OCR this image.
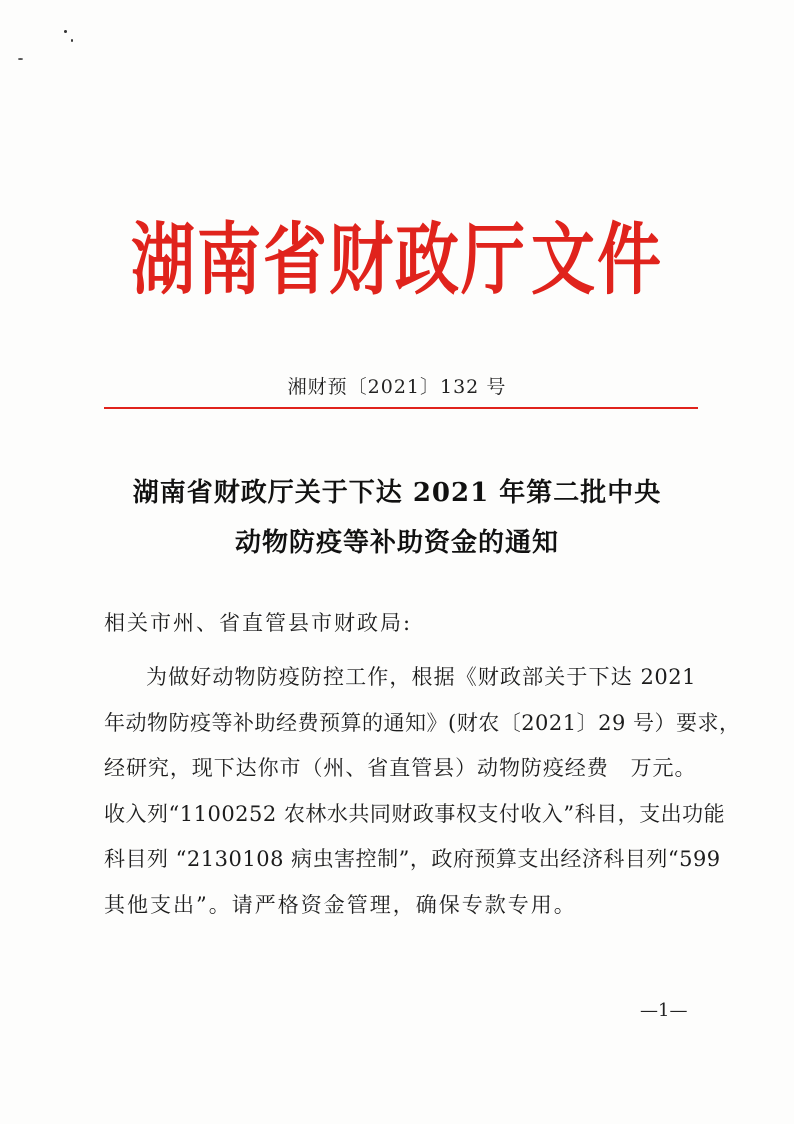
湖南省财政厅文件
湘财预〔2021〕132 号
湖南省财政厅关于下达 2021 年第二批中央
动物防疫等补助资金的通知
相关市州、省直管县市财政局:
为做好动物防疫防控工作，根据《财政部关于下达 2021
年动物防疫等补助经费预算的通知》(财农〔2021〕29 号）要求，
经研究，现下达你市（州、省直管县）动物防疫经费　万元。
收入列“1100252 农林水共同财政事权支付收入”科目，支出功能
科目列 “2130108 病虫害控制”，政府预算支出经济科目列“599
其他支出”。请严格资金管理，确保专款专用。
—1—
